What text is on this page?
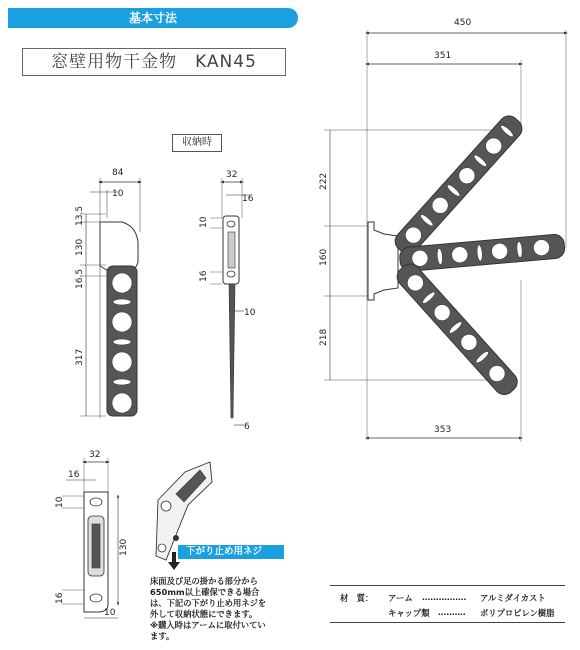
基本寸法
窓壁用物干金物　KAN45
収納時
84
10
13.5
130
16.5
317
32
16
10
16
10
6
450
351
222
160
218
353
32
16
130
10
16
10
下がり止め用ネジ
床面及び足の掛かる部分から
650mm以上確保できる場合
は、下記の下がり止め用ネジを
外して収納状態にできます。
※購入時はアームに取付いてい
ます。
材　質： アーム ‥‥‥‥‥‥‥‥ アルミダイカスト
キャップ類 ‥‥‥‥‥ ポリプロピレン樹脂
